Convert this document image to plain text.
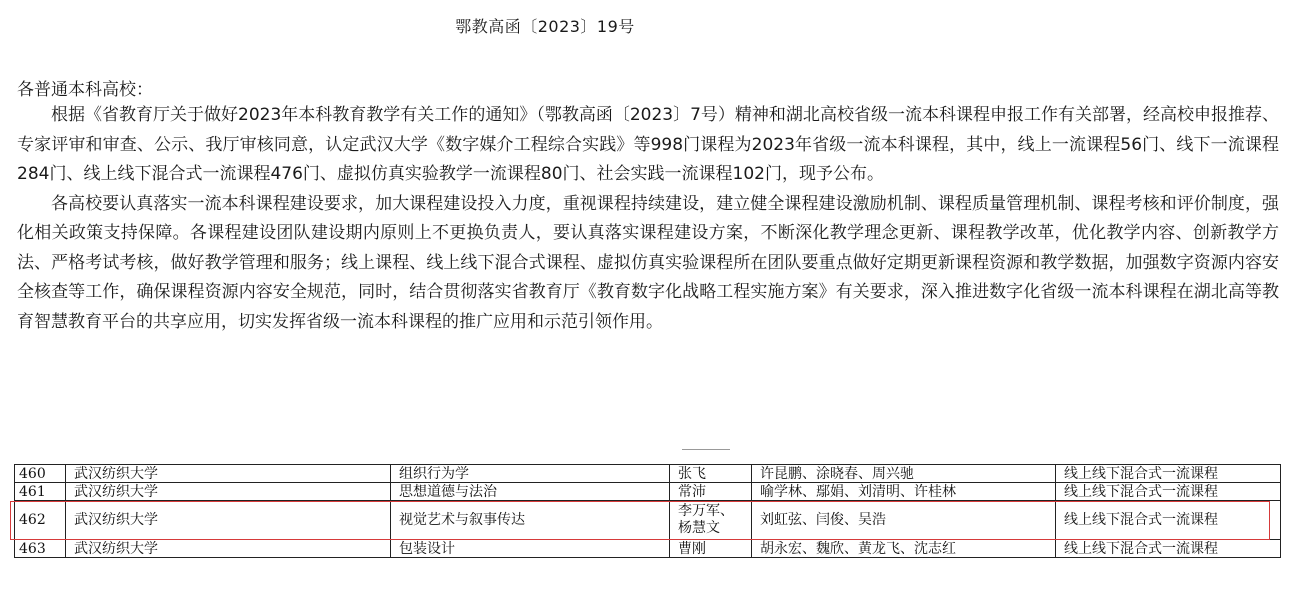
鄂教高函〔2023〕19号
各普通本科高校：

根据《省教育厅关于做好2023年本科教育教学有关工作的通知》（鄂教高函〔2023〕7号）精神和湖北高校省级一流本科课程申报工作有关部署，经高校申报推荐、专家评审和审查、公示、我厅审核同意，认定武汉大学《数字媒介工程综合实践》等998门课程为2023年省级一流本科课程，其中，线上一流课程56门、线下一流课程284门、线上线下混合式一流课程476门、虚拟仿真实验教学一流课程80门、社会实践一流课程102门，现予公布。

各高校要认真落实一流本科课程建设要求，加大课程建设投入力度，重视课程持续建设，建立健全课程建设激励机制、课程质量管理机制、课程考核和评价制度，强化相关政策支持保障。各课程建设团队建设期内原则上不更换负责人，要认真落实课程建设方案，不断深化教学理念更新、课程教学改革，优化教学内容、创新教学方法、严格考试考核，做好教学管理和服务；线上课程、线上线下混合式课程、虚拟仿真实验课程所在团队要重点做好定期更新课程资源和教学数据，加强数字资源内容安全核查等工作，确保课程资源内容安全规范，同时，结合贯彻落实省教育厅《教育数字化战略工程实施方案》有关要求，深入推进数字化省级一流本科课程在湖北高等教育智慧教育平台的共享应用，切实发挥省级一流本科课程的推广应用和示范引领作用。

460	武汉纺织大学	组织行为学	张飞	许昆鹏、涂晓春、周兴驰	线上线下混合式一流课程
461	武汉纺织大学	思想道德与法治	常沛	喻学林、鄢娟、刘清明、许桂林	线上线下混合式一流课程
462	武汉纺织大学	视觉艺术与叙事传达	李万军、杨慧文	刘虹弦、闫俊、吴浩	线上线下混合式一流课程
463	武汉纺织大学	包装设计	曹刚	胡永宏、魏欣、黄龙飞、沈志红	线上线下混合式一流课程
